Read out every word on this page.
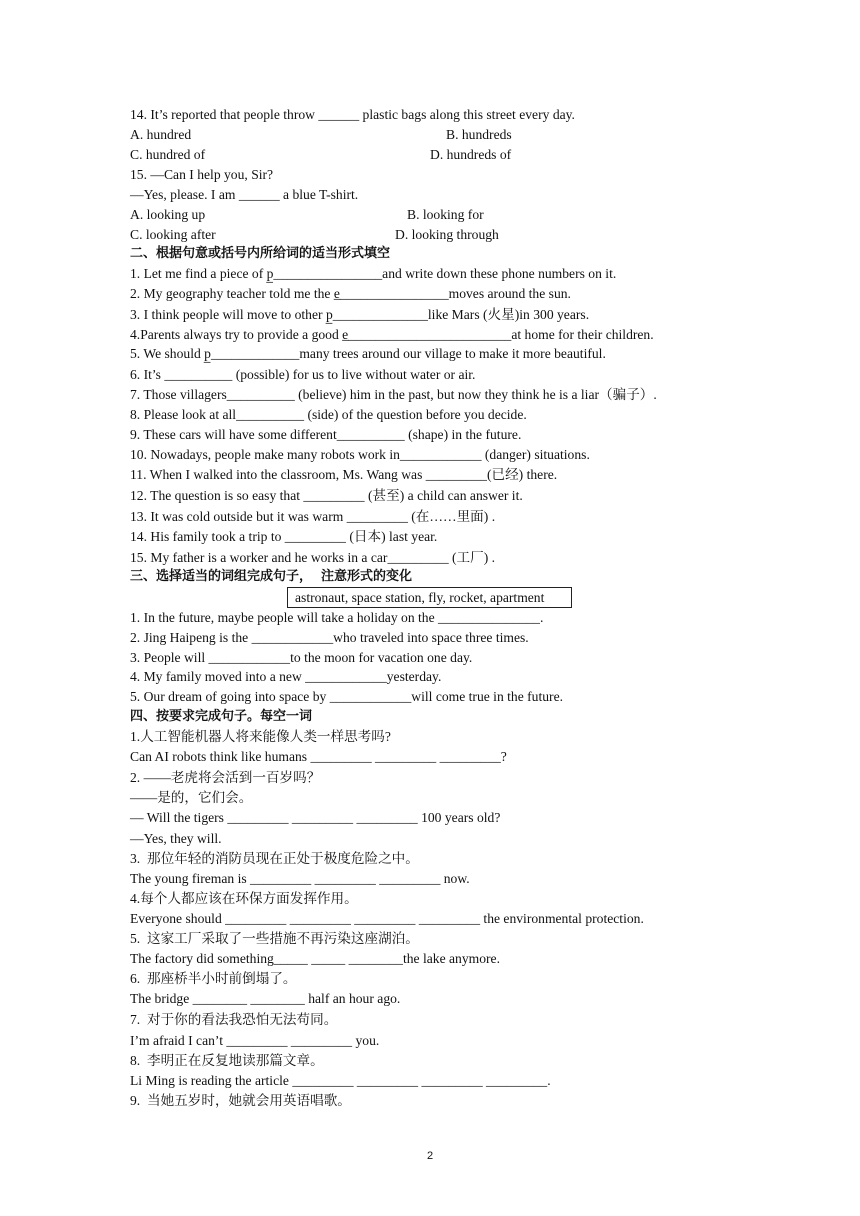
14. It’s reported that people throw ______ plastic bags along this street every day.
A. hundred	B. hundreds
C. hundred of	D. hundreds of
15. —Can I help you, Sir?
—Yes, please. I am ______ a blue T-shirt.
A. looking up	B. looking for
C. looking after	D. looking through
二、根据句意或括号内所给词的适当形式填空
1. Let me find a piece of p̲________________and write down these phone numbers on it.
2. My geography teacher told me the e̲________________moves around the sun.
3. I think people will move to other p̲______________like Mars (火星)in 300 years.
4.Parents always try to provide a good e̲________________________at home for their children.
5. We should p̲_____________many trees around our village to make it more beautiful.
6. It’s __________ (possible) for us to live without water or air.
7. Those villagers__________ (believe) him in the past, but now they think he is a liar（骗子）.
8. Please look at all__________ (side) of the question before you decide.
9. These cars will have some different__________ (shape) in the future.
10. Nowadays, people make many robots work in____________ (danger) situations.
11. When I walked into the classroom, Ms. Wang was _________(已经) there.
12. The question is so easy that _________ (甚至) a child can answer it.
13. It was cold outside but it was warm _________ (在……里面) .
14. His family took a trip to _________ (日本) last year.
15. My father is a worker and he works in a car_________ (工厂) .
三、选择适当的词组完成句子，  注意形式的变化
astronaut, space station, fly, rocket, apartment
1. In the future, maybe people will take a holiday on the _______________.
2. Jing Haipeng is the ____________who traveled into space three times.
3. People will ____________to the moon for vacation one day.
4. My family moved into a new ____________yesterday.
5. Our dream of going into space by ____________will come true in the future.
四、按要求完成句子。每空一词
1.人工智能机器人将来能像人类一样思考吗?
Can AI robots think like humans _________ _________ _________?
2. ——老虎将会活到一百岁吗？
——是的，它们会。
— Will the tigers _________ _________ _________ 100 years old?
—Yes, they will.
3.  那位年轻的消防员现在正处于极度危险之中。
The young fireman is _________ _________ _________ now.
4.每个人都应该在环保方面发挥作用。
Everyone should _________ _________ _________ _________ the environmental protection.
5.  这家工厂采取了一些措施不再污染这座湖泊。
The factory did something_____ _____ ________the lake anymore.
6.  那座桥半小时前倒塌了。
The bridge ________ ________ half an hour ago.
7.  对于你的看法我恐怕无法苟同。
I’m afraid I can’t _________ _________ you.
8.  李明正在反复地读那篇文章。
Li Ming is reading the article _________ _________ _________ _________.
9.  当她五岁时，她就会用英语唱歌。
2
